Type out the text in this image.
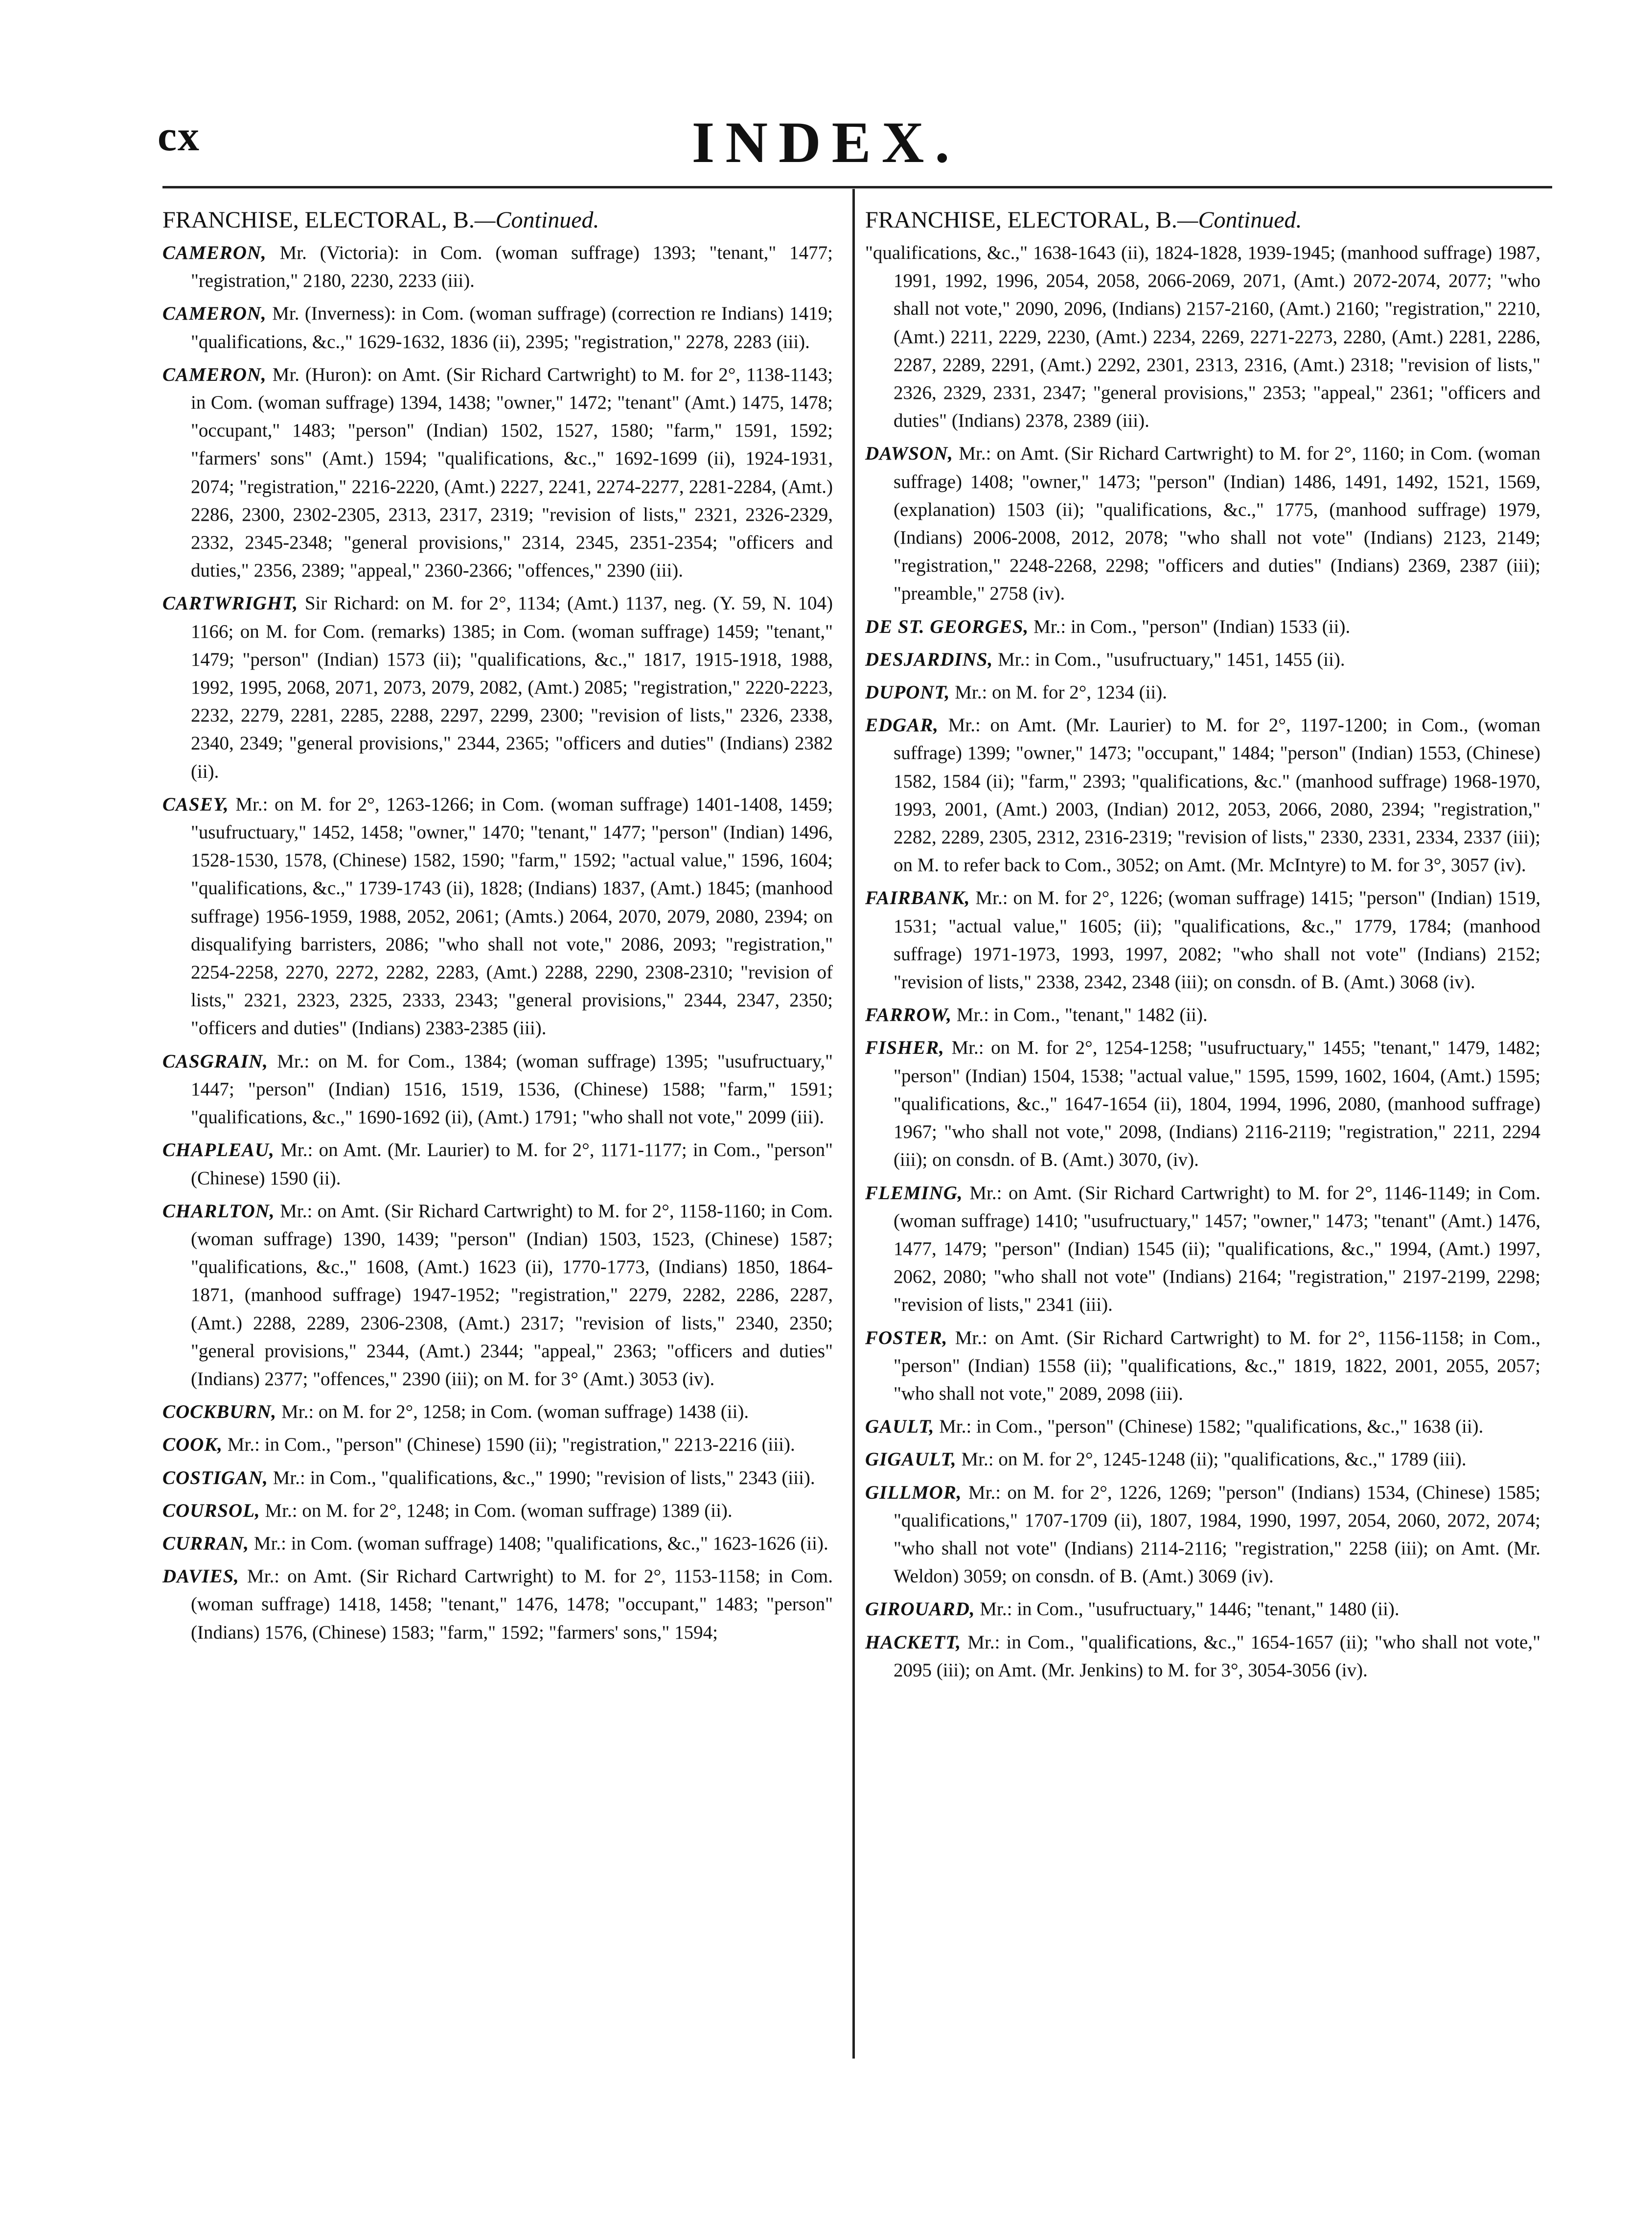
cx	INDEX.
FRANCHISE, ELECTORAL, B.—Continued.

CAMERON, Mr. (Victoria): in Com. (woman suffrage) 1393; "tenant," 1477; "registration," 2180, 2230, 2233 (iii).

CAMERON, Mr. (Inverness): in Com. (woman suffrage) (correction re Indians) 1419; "qualifications, &c.," 1629-1632, 1836 (ii), 2395; "registration," 2278, 2283 (iii).

CAMERON, Mr. (Huron): on Amt. (Sir Richard Cartwright) to M. for 2°, 1138-1143; in Com. (woman suffrage) 1394, 1438; "owner," 1472; "tenant" (Amt.) 1475, 1478; "occupant," 1483; "person" (Indian) 1502, 1527, 1580; "farm," 1591, 1592; "farmers' sons" (Amt.) 1594; "qualifications, &c.," 1692-1699 (ii), 1924-1931, 2074; "registration," 2216-2220, (Amt.) 2227, 2241, 2274-2277, 2281-2284, (Amt.) 2286, 2300, 2302-2305, 2313, 2317, 2319; "revision of lists," 2321, 2326-2329, 2332, 2345-2348; "general provisions," 2314, 2345, 2351-2354; "officers and duties," 2356, 2389; "appeal," 2360-2366; "offences," 2390 (iii).

CARTWRIGHT, Sir Richard: on M. for 2°, 1134; (Amt.) 1137, neg. (Y. 59, N. 104) 1166; on M. for Com. (remarks) 1385; in Com. (woman suffrage) 1459; "tenant," 1479; "person" (Indian) 1573 (ii); "qualifications, &c.," 1817, 1915-1918, 1988, 1992, 1995, 2068, 2071, 2073, 2079, 2082, (Amt.) 2085; "registration," 2220-2223, 2232, 2279, 2281, 2285, 2288, 2297, 2299, 2300; "revision of lists," 2326, 2338, 2340, 2349; "general provisions," 2344, 2365; "officers and duties" (Indians) 2382 (ii).

CASEY, Mr.: on M. for 2°, 1263-1266; in Com. (woman suffrage) 1401-1408, 1459; "usufructuary," 1452, 1458; "owner," 1470; "tenant," 1477; "person" (Indian) 1496, 1528-1530, 1578, (Chinese) 1582, 1590; "farm," 1592; "actual value," 1596, 1604; "qualifications, &c.," 1739-1743 (ii), 1828; (Indians) 1837, (Amt.) 1845; (manhood suffrage) 1956-1959, 1988, 2052, 2061; (Amts.) 2064, 2070, 2079, 2080, 2394; on disqualifying barristers, 2086; "who shall not vote," 2086, 2093; "registration," 2254-2258, 2270, 2272, 2282, 2283, (Amt.) 2288, 2290, 2308-2310; "revision of lists," 2321, 2323, 2325, 2333, 2343; "general provisions," 2344, 2347, 2350; "officers and duties" (Indians) 2383-2385 (iii).

CASGRAIN, Mr.: on M. for Com., 1384; (woman suffrage) 1395; "usufructuary," 1447; "person" (Indian) 1516, 1519, 1536, (Chinese) 1588; "farm," 1591; "qualifications, &c.," 1690-1692 (ii), (Amt.) 1791; "who shall not vote," 2099 (iii).

CHAPLEAU, Mr.: on Amt. (Mr. Laurier) to M. for 2°, 1171-1177; in Com., "person" (Chinese) 1590 (ii).

CHARLTON, Mr.: on Amt. (Sir Richard Cartwright) to M. for 2°, 1158-1160; in Com. (woman suffrage) 1390, 1439; "person" (Indian) 1503, 1523, (Chinese) 1587; "qualifications, &c.," 1608, (Amt.) 1623 (ii), 1770-1773, (Indians) 1850, 1864-1871, (manhood suffrage) 1947-1952; "registration," 2279, 2282, 2286, 2287, (Amt.) 2288, 2289, 2306-2308, (Amt.) 2317; "revision of lists," 2340, 2350; "general provisions," 2344, (Amt.) 2344; "appeal," 2363; "officers and duties" (Indians) 2377; "offences," 2390 (iii); on M. for 3° (Amt.) 3053 (iv).

COCKBURN, Mr.: on M. for 2°, 1258; in Com. (woman suffrage) 1438 (ii).

COOK, Mr.: in Com., "person" (Chinese) 1590 (ii); "registration," 2213-2216 (iii).

COSTIGAN, Mr.: in Com., "qualifications, &c.," 1990; "revision of lists," 2343 (iii).

COURSOL, Mr.: on M. for 2°, 1248; in Com. (woman suffrage) 1389 (ii).

CURRAN, Mr.: in Com. (woman suffrage) 1408; "qualifications, &c.," 1623-1626 (ii).

DAVIES, Mr.: on Amt. (Sir Richard Cartwright) to M. for 2°, 1153-1158; in Com. (woman suffrage) 1418, 1458; "tenant," 1476, 1478; "occupant," 1483; "person" (Indians) 1576, (Chinese) 1583; "farm," 1592; "farmers' sons," 1594;

FRANCHISE, ELECTORAL, B.—Continued.

"qualifications, &c.," 1638-1643 (ii), 1824-1828, 1939-1945; (manhood suffrage) 1987, 1991, 1992, 1996, 2054, 2058, 2066-2069, 2071, (Amt.) 2072-2074, 2077; "who shall not vote," 2090, 2096, (Indians) 2157-2160, (Amt.) 2160; "registration," 2210, (Amt.) 2211, 2229, 2230, (Amt.) 2234, 2269, 2271-2273, 2280, (Amt.) 2281, 2286, 2287, 2289, 2291, (Amt.) 2292, 2301, 2313, 2316, (Amt.) 2318; "revision of lists," 2326, 2329, 2331, 2347; "general provisions," 2353; "appeal," 2361; "officers and duties" (Indians) 2378, 2389 (iii).

DAWSON, Mr.: on Amt. (Sir Richard Cartwright) to M. for 2°, 1160; in Com. (woman suffrage) 1408; "owner," 1473; "person" (Indian) 1486, 1491, 1492, 1521, 1569, (explanation) 1503 (ii); "qualifications, &c.," 1775, (manhood suffrage) 1979, (Indians) 2006-2008, 2012, 2078; "who shall not vote" (Indians) 2123, 2149; "registration," 2248-2268, 2298; "officers and duties" (Indians) 2369, 2387 (iii); "preamble," 2758 (iv).

DE ST. GEORGES, Mr.: in Com., "person" (Indian) 1533 (ii).

DESJARDINS, Mr.: in Com., "usufructuary," 1451, 1455 (ii).

DUPONT, Mr.: on M. for 2°, 1234 (ii).

EDGAR, Mr.: on Amt. (Mr. Laurier) to M. for 2°, 1197-1200; in Com., (woman suffrage) 1399; "owner," 1473; "occupant," 1484; "person" (Indian) 1553, (Chinese) 1582, 1584 (ii); "farm," 2393; "qualifications, &c." (manhood suffrage) 1968-1970, 1993, 2001, (Amt.) 2003, (Indian) 2012, 2053, 2066, 2080, 2394; "registration," 2282, 2289, 2305, 2312, 2316-2319; "revision of lists," 2330, 2331, 2334, 2337 (iii); on M. to refer back to Com., 3052; on Amt. (Mr. McIntyre) to M. for 3°, 3057 (iv).

FAIRBANK, Mr.: on M. for 2°, 1226; (woman suffrage) 1415; "person" (Indian) 1519, 1531; "actual value," 1605; (ii); "qualifications, &c.," 1779, 1784; (manhood suffrage) 1971-1973, 1993, 1997, 2082; "who shall not vote" (Indians) 2152; "revision of lists," 2338, 2342, 2348 (iii); on consdn. of B. (Amt.) 3068 (iv).

FARROW, Mr.: in Com., "tenant," 1482 (ii).

FISHER, Mr.: on M. for 2°, 1254-1258; "usufructuary," 1455; "tenant," 1479, 1482; "person" (Indian) 1504, 1538; "actual value," 1595, 1599, 1602, 1604, (Amt.) 1595; "qualifications, &c.," 1647-1654 (ii), 1804, 1994, 1996, 2080, (manhood suffrage) 1967; "who shall not vote," 2098, (Indians) 2116-2119; "registration," 2211, 2294 (iii); on consdn. of B. (Amt.) 3070, (iv).

FLEMING, Mr.: on Amt. (Sir Richard Cartwright) to M. for 2°, 1146-1149; in Com. (woman suffrage) 1410; "usufructuary," 1457; "owner," 1473; "tenant" (Amt.) 1476, 1477, 1479; "person" (Indian) 1545 (ii); "qualifications, &c.," 1994, (Amt.) 1997, 2062, 2080; "who shall not vote" (Indians) 2164; "registration," 2197-2199, 2298; "revision of lists," 2341 (iii).

FOSTER, Mr.: on Amt. (Sir Richard Cartwright) to M. for 2°, 1156-1158; in Com., "person" (Indian) 1558 (ii); "qualifications, &c.," 1819, 1822, 2001, 2055, 2057; "who shall not vote," 2089, 2098 (iii).

GAULT, Mr.: in Com., "person" (Chinese) 1582; "qualifications, &c.," 1638 (ii).

GIGAULT, Mr.: on M. for 2°, 1245-1248 (ii); "qualifications, &c.," 1789 (iii).

GILLMOR, Mr.: on M. for 2°, 1226, 1269; "person" (Indians) 1534, (Chinese) 1585; "qualifications," 1707-1709 (ii), 1807, 1984, 1990, 1997, 2054, 2060, 2072, 2074; "who shall not vote" (Indians) 2114-2116; "registration," 2258 (iii); on Amt. (Mr. Weldon) 3059; on consdn. of B. (Amt.) 3069 (iv).

GIROUARD, Mr.: in Com., "usufructuary," 1446; "tenant," 1480 (ii).

HACKETT, Mr.: in Com., "qualifications, &c.," 1654-1657 (ii); "who shall not vote," 2095 (iii); on Amt. (Mr. Jenkins) to M. for 3°, 3054-3056 (iv).
